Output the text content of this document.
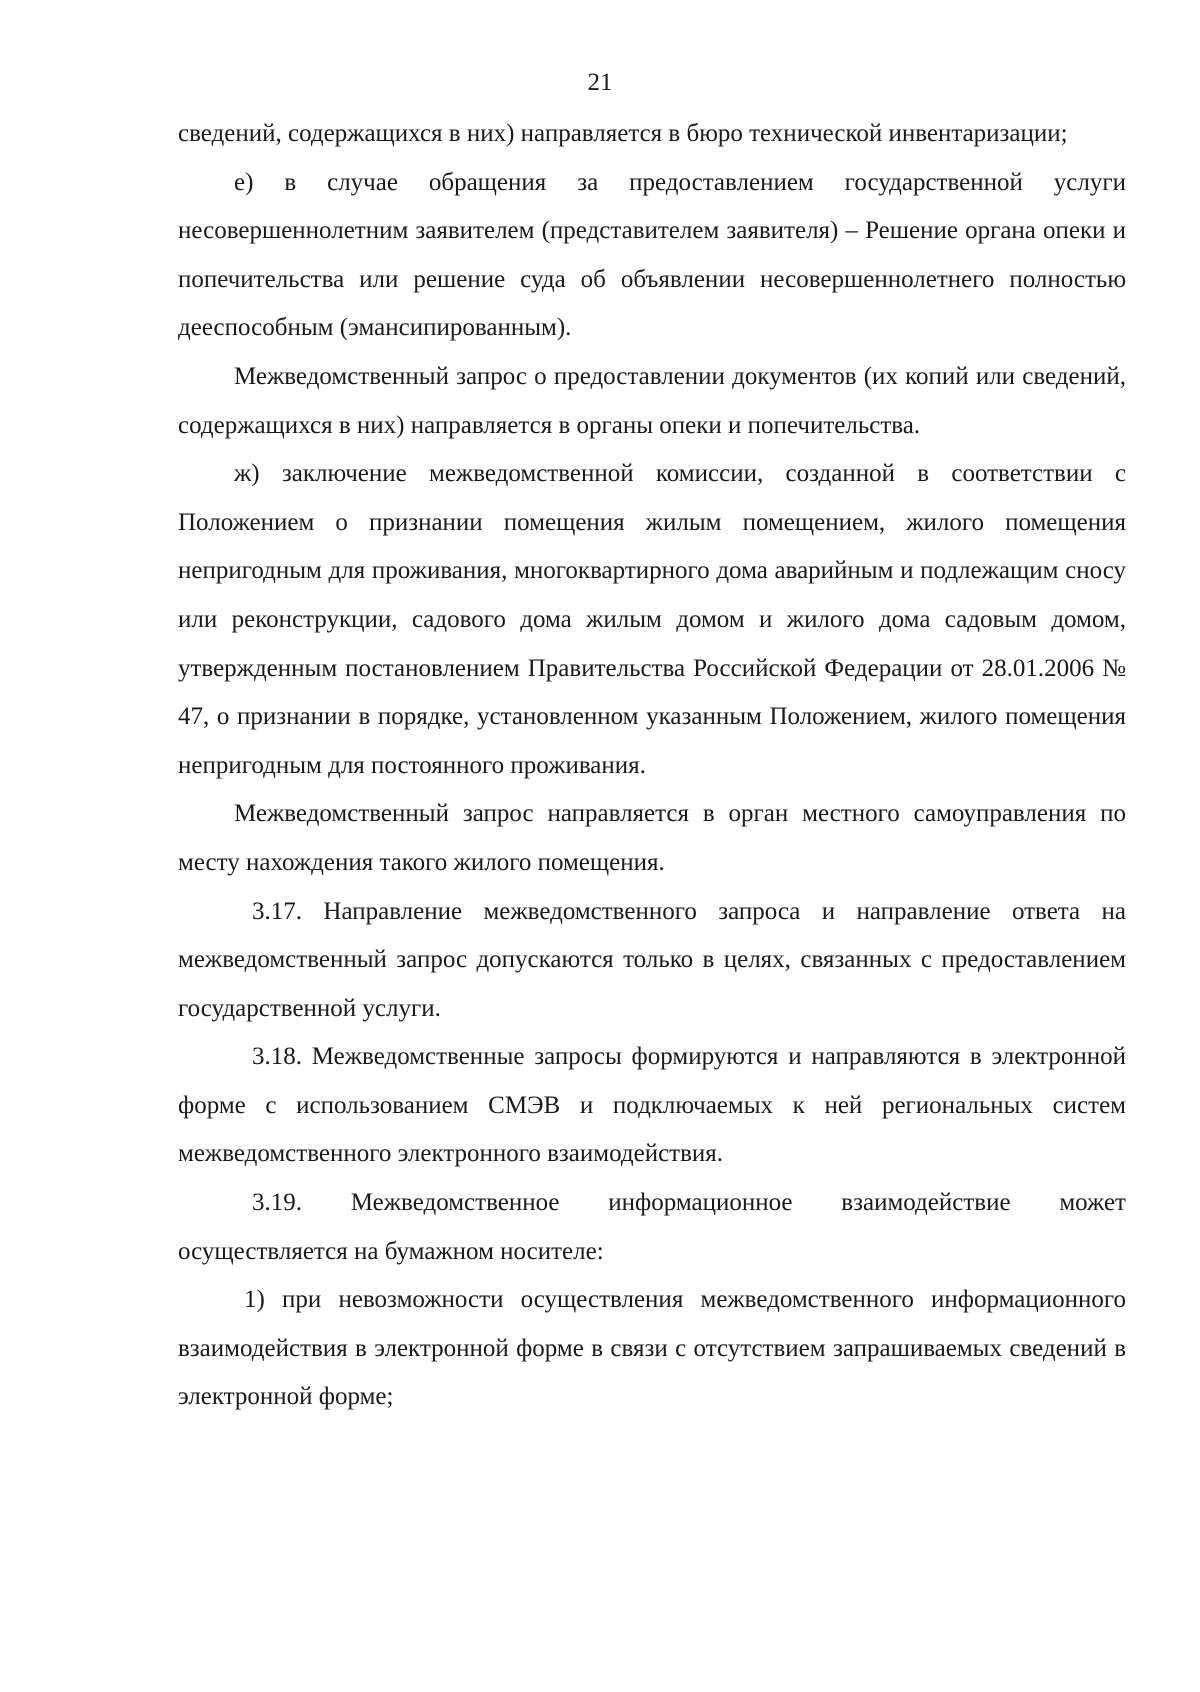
21

сведений, содержащихся в них) направляется в бюро технической инвентаризации;

е) в случае обращения за предоставлением государственной услуги несовершеннолетним заявителем (представителем заявителя) – Решение органа опеки и попечительства или решение суда об объявлении несовершеннолетнего полностью дееспособным (эмансипированным).

Межведомственный запрос о предоставлении документов (их копий или сведений, содержащихся в них) направляется в органы опеки и попечительства.

ж) заключение межведомственной комиссии, созданной в соответствии с Положением о признании помещения жилым помещением, жилого помещения непригодным для проживания, многоквартирного дома аварийным и подлежащим сносу или реконструкции, садового дома жилым домом и жилого дома садовым домом, утвержденным постановлением Правительства Российской Федерации от 28.01.2006 № 47, о признании в порядке, установленном указанным Положением, жилого помещения непригодным для постоянного проживания.

Межведомственный запрос направляется в орган местного самоуправления по месту нахождения такого жилого помещения.

3.17. Направление межведомственного запроса и направление ответа на межведомственный запрос допускаются только в целях, связанных с предоставлением государственной услуги.

3.18. Межведомственные запросы формируются и направляются в электронной форме с использованием СМЭВ и подключаемых к ней региональных систем межведомственного электронного взаимодействия.

3.19. Межведомственное информационное взаимодействие может осуществляется на бумажном носителе:

1) при невозможности осуществления межведомственного информационного взаимодействия в электронной форме в связи с отсутствием запрашиваемых сведений в электронной форме;
